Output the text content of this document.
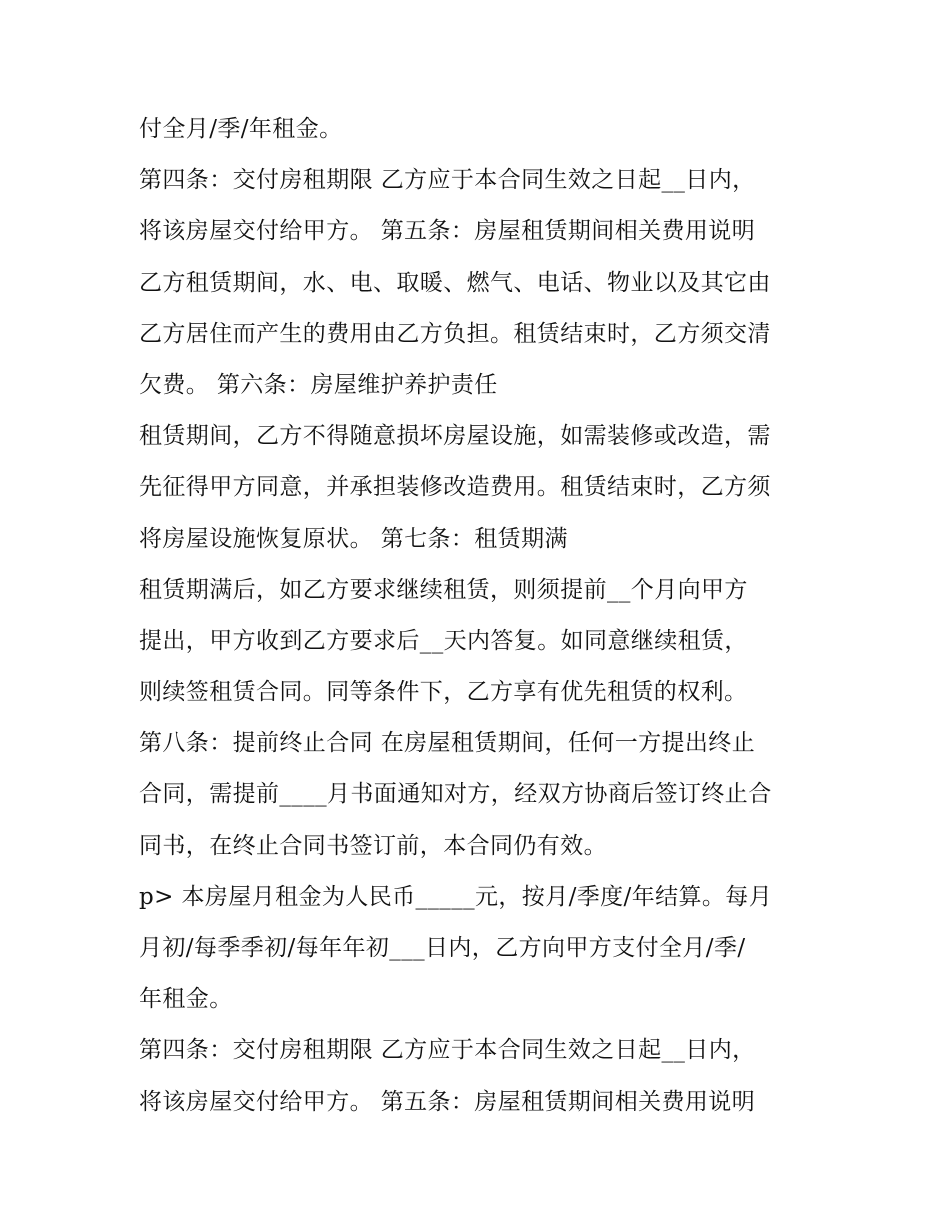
付全月/季/年租金。
第四条：交付房租期限 乙方应于本合同生效之日起__日内，
将该房屋交付给甲方。 第五条：房屋租赁期间相关费用说明
乙方租赁期间，水、电、取暖、燃气、电话、物业以及其它由
乙方居住而产生的费用由乙方负担。租赁结束时，乙方须交清
欠费。 第六条：房屋维护养护责任
租赁期间，乙方不得随意损坏房屋设施，如需装修或改造，需
先征得甲方同意，并承担装修改造费用。租赁结束时，乙方须
将房屋设施恢复原状。 第七条：租赁期满
租赁期满后，如乙方要求继续租赁，则须提前__个月向甲方
提出，甲方收到乙方要求后__天内答复。如同意继续租赁，
则续签租赁合同。同等条件下，乙方享有优先租赁的权利。
第八条：提前终止合同 在房屋租赁期间，任何一方提出终止
合同，需提前____月书面通知对方，经双方协商后签订终止合
同书，在终止合同书签订前，本合同仍有效。
p> 本房屋月租金为人民币_____元，按月/季度/年结算。每月
月初/每季季初/每年年初___日内，乙方向甲方支付全月/季/
年租金。
第四条：交付房租期限 乙方应于本合同生效之日起__日内，
将该房屋交付给甲方。 第五条：房屋租赁期间相关费用说明
